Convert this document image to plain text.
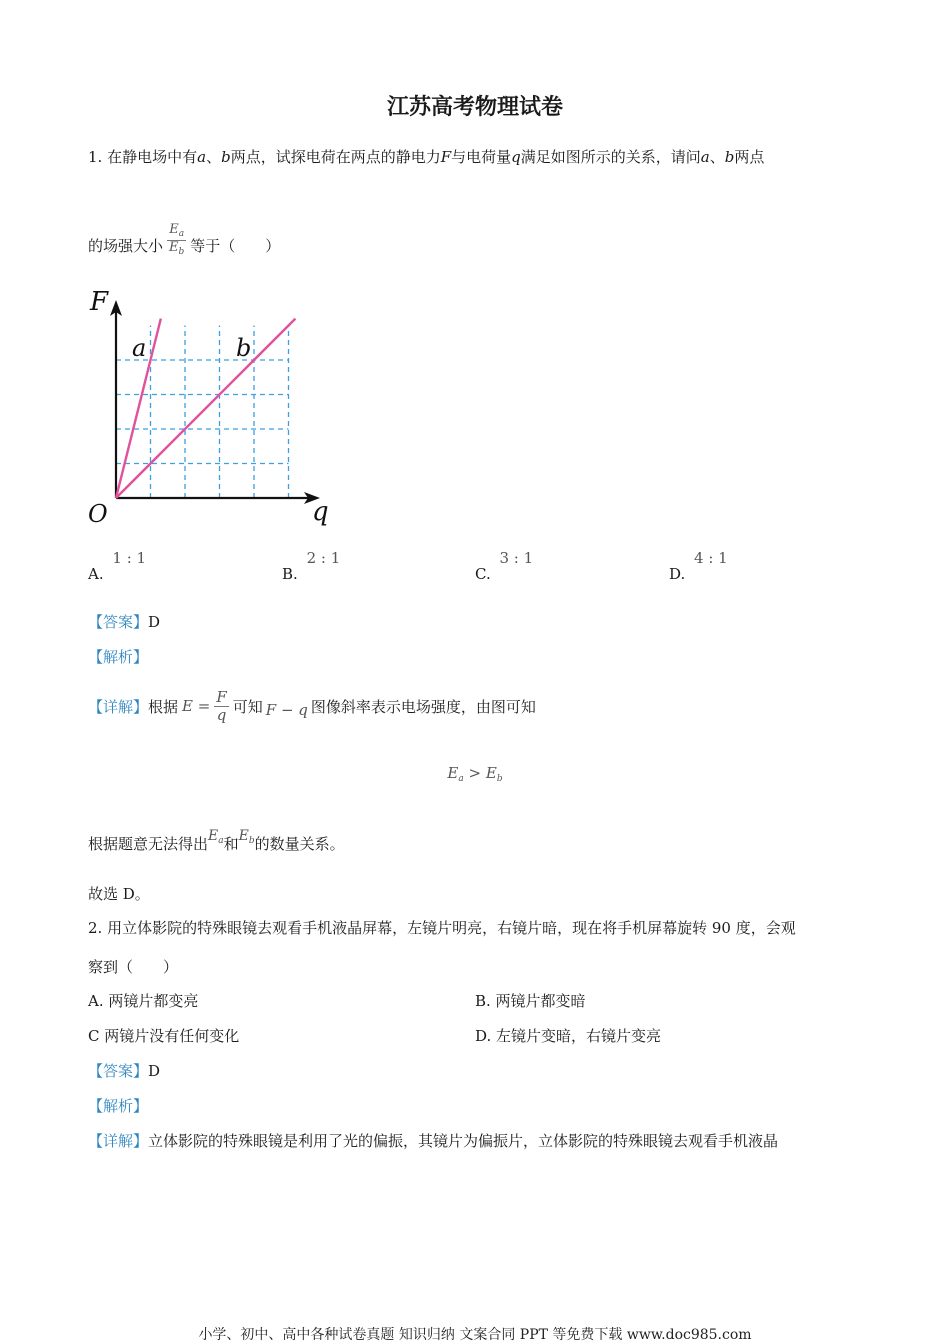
江苏高考物理试卷
1. 在静电场中有a、b两点，试探电荷在两点的静电力F与电荷量q满足如图所示的关系，请问a、b两点
的场强大小 $\frac{E_a}{E_b}$ 等于（　　）
F
q
O
a	b
A. 1 : 1
B. 2 : 1
C. 3 : 1
D. 4 : 1
【答案】D
【解析】
【详解】 根据 $E = \frac{F}{q}$ 可知 F − q 图像斜率表示电场强度，由图可知
$E_a > E_b$
根据题意无法得出 $E_a$ 和 $E_b$ 的数量关系。
故选 D。
2. 用立体影院的特殊眼镜去观看手机液晶屏幕，左镜片明亮，右镜片暗，现在将手机屏幕旋转 90 度，会观
察到（　　）
A. 两镜片都变亮	B. 两镜片都变暗
C 两镜片没有任何变化	D. 左镜片变暗，右镜片变亮
【答案】D
【解析】
【详解】立体影院的特殊眼镜是利用了光的偏振，其镜片为偏振片，立体影院的特殊眼镜去观看手机液晶
小学、初中、高中各种试卷真题 知识归纳 文案合同 PPT 等免费下载 www.doc985.com
